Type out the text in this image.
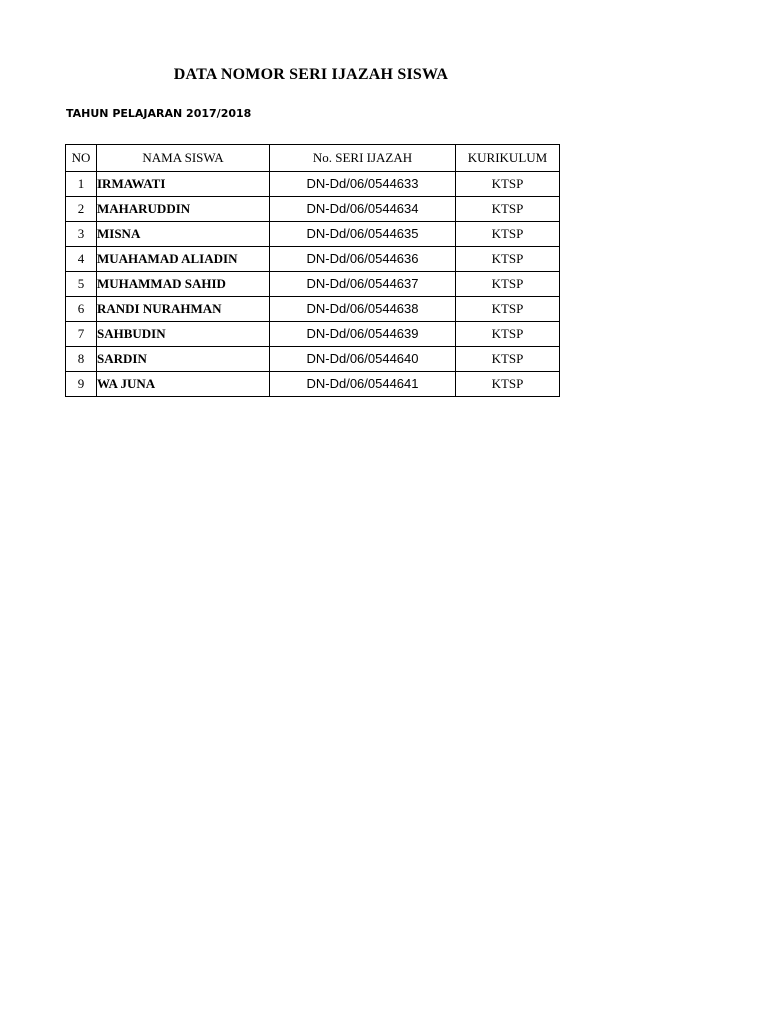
DATA NOMOR SERI IJAZAH SISWA
TAHUN PELAJARAN 2017/2018
NO	NAMA SISWA	No. SERI IJAZAH	KURIKULUM
1	IRMAWATI	DN-Dd/06/0544633	KTSP
2	MAHARUDDIN	DN-Dd/06/0544634	KTSP
3	MISNA	DN-Dd/06/0544635	KTSP
4	MUAHAMAD ALIADIN	DN-Dd/06/0544636	KTSP
5	MUHAMMAD SAHID	DN-Dd/06/0544637	KTSP
6	RANDI NURAHMAN	DN-Dd/06/0544638	KTSP
7	SAHBUDIN	DN-Dd/06/0544639	KTSP
8	SARDIN	DN-Dd/06/0544640	KTSP
9	WA JUNA	DN-Dd/06/0544641	KTSP
